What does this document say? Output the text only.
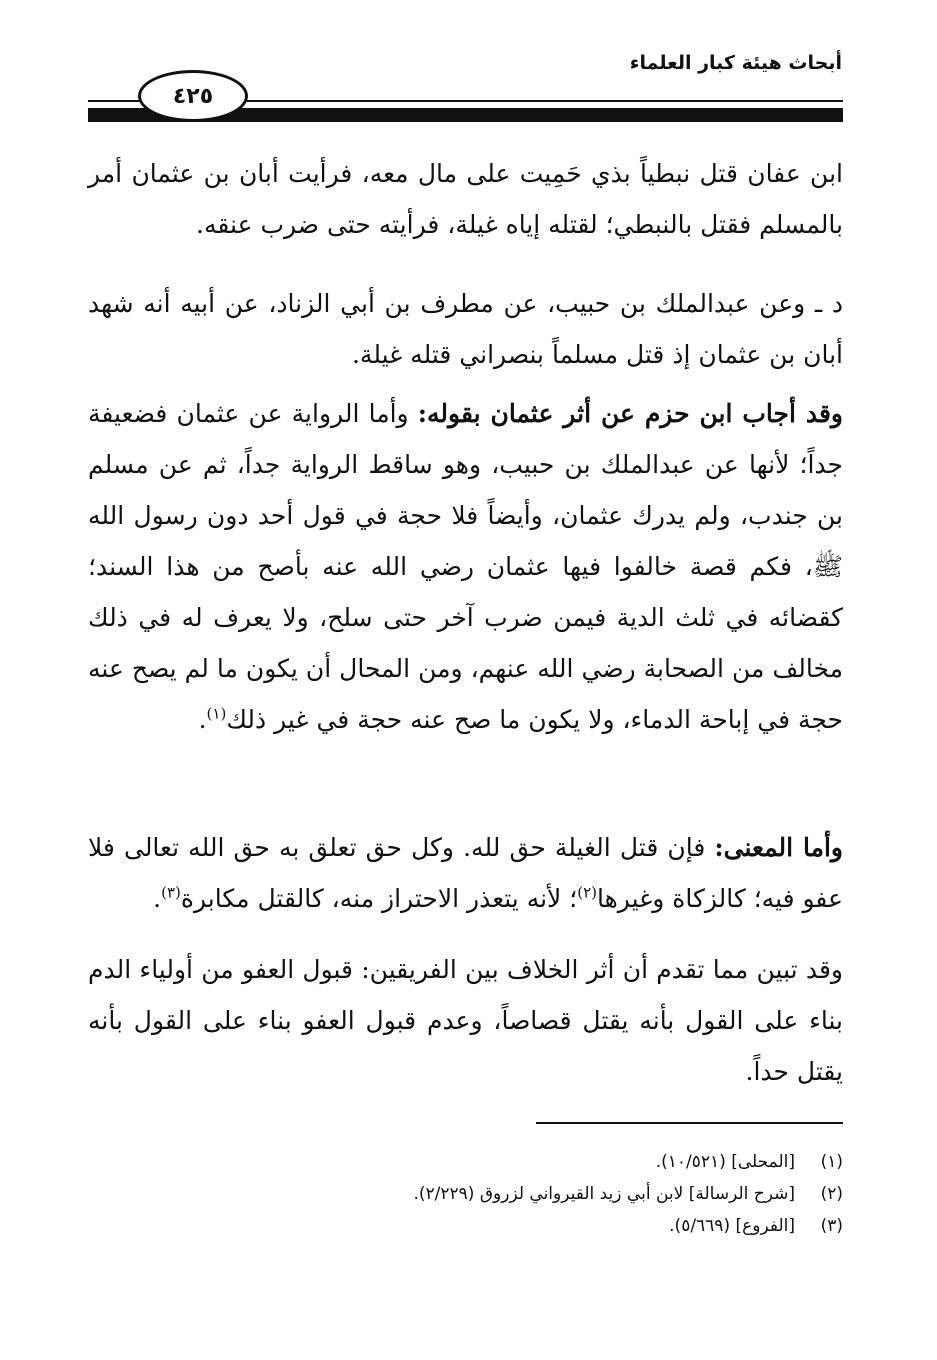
أبحاث هيئة كبار العلماء
٤٢٥

ابن عفان قتل نبطياً بذي حَمِيت على مال معه، فرأيت أبان بن عثمان أمر بالمسلم فقتل بالنبطي؛ لقتله إياه غيلة، فرأيته حتى ضرب عنقه.

د ـ وعن عبدالملك بن حبيب، عن مطرف بن أبي الزناد، عن أبيه أنه شهد أبان بن عثمان إذ قتل مسلماً بنصراني قتله غيلة.

وقد أجاب ابن حزم عن أثر عثمان بقوله: وأما الرواية عن عثمان فضعيفة جداً؛ لأنها عن عبدالملك بن حبيب، وهو ساقط الرواية جداً، ثم عن مسلم بن جندب، ولم يدرك عثمان، وأيضاً فلا حجة في قول أحد دون رسول الله ﷺ، فكم قصة خالفوا فيها عثمان رضي الله عنه بأصح من هذا السند؛ كقضائه في ثلث الدية فيمن ضرب آخر حتى سلح، ولا يعرف له في ذلك مخالف من الصحابة رضي الله عنهم، ومن المحال أن يكون ما لم يصح عنه حجة في إباحة الدماء، ولا يكون ما صح عنه حجة في غير ذلك$^{(١)}$.

وأما المعنى: فإن قتل الغيلة حق لله. وكل حق تعلق به حق الله تعالى فلا عفو فيه؛ كالزكاة وغيرها$^{(٢)}$؛ لأنه يتعذر الاحتراز منه، كالقتل مكابرة$^{(٣)}$.

وقد تبين مما تقدم أن أثر الخلاف بين الفريقين: قبول العفو من أولياء الدم بناء على القول بأنه يقتل قصاصاً، وعدم قبول العفو بناء على القول بأنه يقتل حداً.

(١)
[المحلى] (١٠/٥٢١).
(٢)
[شرح الرسالة] لابن أبي زيد القيرواني لزروق (٢/٢٢٩).
(٣)
[الفروع] (٥/٦٦٩).
